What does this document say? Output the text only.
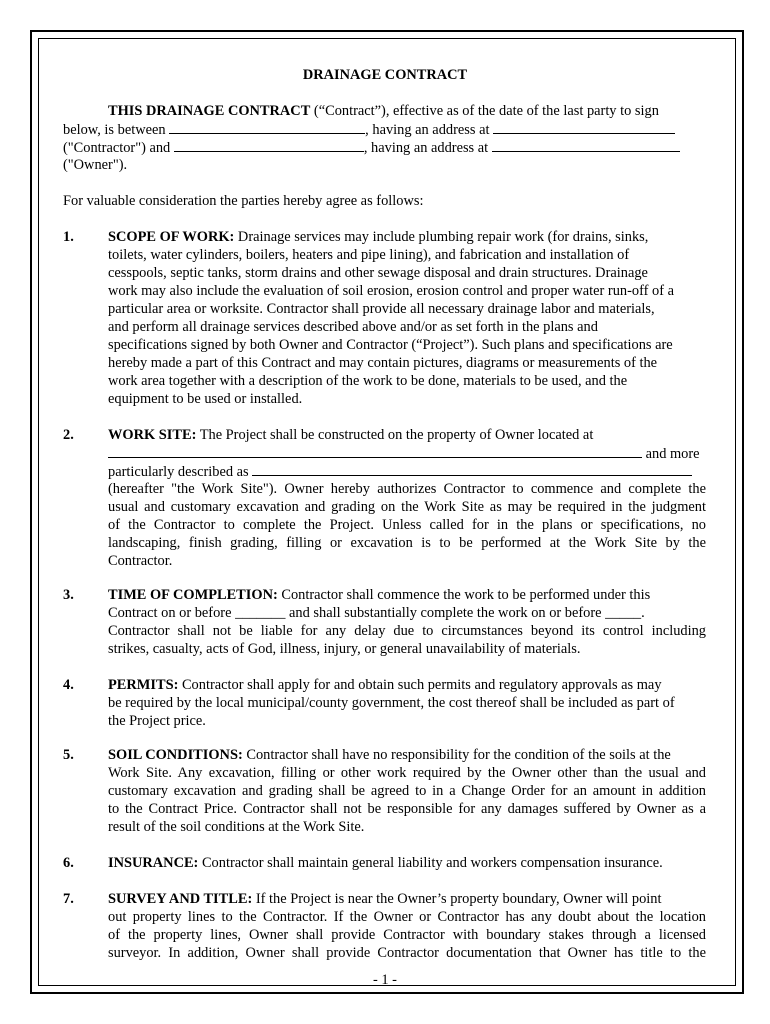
DRAINAGE CONTRACT
THIS DRAINAGE CONTRACT (“Contract”), effective as of the date of the last party to sign
below, is between	, having an address at
("Contractor") and	, having an address at
("Owner").
For valuable consideration the parties hereby agree as follows:
1. SCOPE OF WORK: Drainage services may include plumbing repair work (for drains, sinks,
toilets, water cylinders, boilers, heaters and pipe lining), and fabrication and installation of
cesspools, septic tanks, storm drains and other sewage disposal and drain structures. Drainage
work may also include the evaluation of soil erosion, erosion control and proper water run-off of a
particular area or worksite. Contractor shall provide all necessary drainage labor and materials,
and perform all drainage services described above and/or as set forth in the plans and
specifications signed by both Owner and Contractor (“Project”). Such plans and specifications are
hereby made a part of this Contract and may contain pictures, diagrams or measurements of the
work area together with a description of the work to be done, materials to be used, and the
equipment to be used or installed.
2. WORK SITE: The Project shall be constructed on the property of Owner located at
and more
particularly described as
(hereafter "the Work Site"). Owner hereby authorizes Contractor to commence and complete the
usual and customary excavation and grading on the Work Site as may be required in the judgment
of the Contractor to complete the Project. Unless called for in the plans or specifications, no
landscaping, finish grading, filling or excavation is to be performed at the Work Site by the
Contractor.
3. TIME OF COMPLETION: Contractor shall commence the work to be performed under this
Contract on or before _______ and shall substantially complete the work on or before _____.
Contractor shall not be liable for any delay due to circumstances beyond its control including
strikes, casualty, acts of God, illness, injury, or general unavailability of materials.
4. PERMITS: Contractor shall apply for and obtain such permits and regulatory approvals as may
be required by the local municipal/county government, the cost thereof shall be included as part of
the Project price.
5. SOIL CONDITIONS: Contractor shall have no responsibility for the condition of the soils at the
Work Site. Any excavation, filling or other work required by the Owner other than the usual and
customary excavation and grading shall be agreed to in a Change Order for an amount in addition
to the Contract Price. Contractor shall not be responsible for any damages suffered by Owner as a
result of the soil conditions at the Work Site.
6. INSURANCE: Contractor shall maintain general liability and workers compensation insurance.
7. SURVEY AND TITLE: If the Project is near the Owner’s property boundary, Owner will point
out property lines to the Contractor. If the Owner or Contractor has any doubt about the location
of the property lines, Owner shall provide Contractor with boundary stakes through a licensed
surveyor. In addition, Owner shall provide Contractor documentation that Owner has title to the
- 1 -
